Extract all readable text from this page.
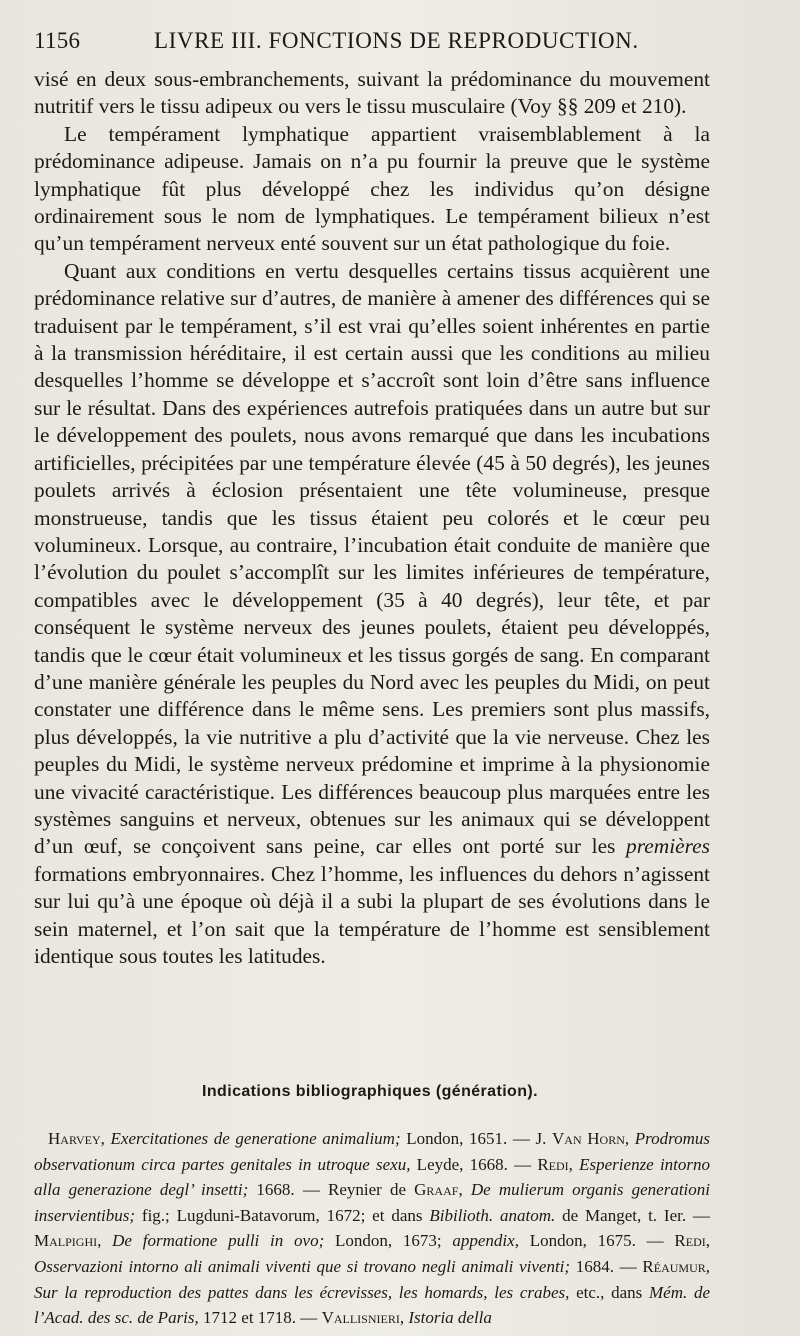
1156	LIVRE III. FONCTIONS DE REPRODUCTION.

visé en deux sous-embranchements, suivant la prédominance du mouvement nutritif vers le tissu adipeux ou vers le tissu musculaire (Voy §§ 209 et 210).

Le tempérament lymphatique appartient vraisemblablement à la prédominance adipeuse. Jamais on n’a pu fournir la preuve que le système lymphatique fût plus développé chez les individus qu’on désigne ordinairement sous le nom de lymphatiques. Le tempérament bilieux n’est qu’un tempérament nerveux enté souvent sur un état pathologique du foie.

Quant aux conditions en vertu desquelles certains tissus acquièrent une prédominance relative sur d’autres, de manière à amener des différences qui se traduisent par le tempérament, s’il est vrai qu’elles soient inhérentes en partie à la transmission héréditaire, il est certain aussi que les conditions au milieu desquelles l’homme se développe et s’accroît sont loin d’être sans influence sur le résultat. Dans des expériences autrefois pratiquées dans un autre but sur le développement des poulets, nous avons remarqué que dans les incubations artificielles, précipitées par une température élevée (45 à 50 degrés), les jeunes poulets arrivés à éclosion présentaient une tête volumineuse, presque monstrueuse, tandis que les tissus étaient peu colorés et le cœur peu volumineux. Lorsque, au contraire, l’incubation était conduite de manière que l’évolution du poulet s’accomplît sur les limites inférieures de température, compatibles avec le développement (35 à 40 degrés), leur tête, et par conséquent le système nerveux des jeunes poulets, étaient peu développés, tandis que le cœur était volumineux et les tissus gorgés de sang. En comparant d’une manière générale les peuples du Nord avec les peuples du Midi, on peut constater une différence dans le même sens. Les premiers sont plus massifs, plus développés, la vie nutritive a plu d’activité que la vie nerveuse. Chez les peuples du Midi, le système nerveux prédomine et imprime à la physionomie une vivacité caractéristique. Les différences beaucoup plus marquées entre les systèmes sanguins et nerveux, obtenues sur les animaux qui se développent d’un œuf, se conçoivent sans peine, car elles ont porté sur les premières formations embryonnaires. Chez l’homme, les influences du dehors n’agissent sur lui qu’à une époque où déjà il a subi la plupart de ses évolutions dans le sein maternel, et l’on sait que la température de l’homme est sensiblement identique sous toutes les latitudes.

Indications bibliographiques (génération).

Harvey, Exercitationes de generatione animalium; London, 1651. — J. Van Horn, Prodromus observationum circa partes genitales in utroque sexu, Leyde, 1668. — Redi, Esperienze intorno alla generazione degl’ insetti; 1668. — Reynier de Graaf, De mulierum organis generationi inservientibus; fig.; Lugduni-Batavorum, 1672; et dans Bibilioth. anatom. de Manget, t. Ier. — Malpighi, De formatione pulli in ovo; London, 1673; appendix, London, 1675. — Redi, Osservazioni intorno ali animali viventi que si trovano negli animali viventi; 1684. — Réaumur, Sur la reproduction des pattes dans les écrevisses, les homards, les crabes, etc., dans Mém. de l’Acad. des sc. de Paris, 1712 et 1718. — Vallisnieri, Istoria della
